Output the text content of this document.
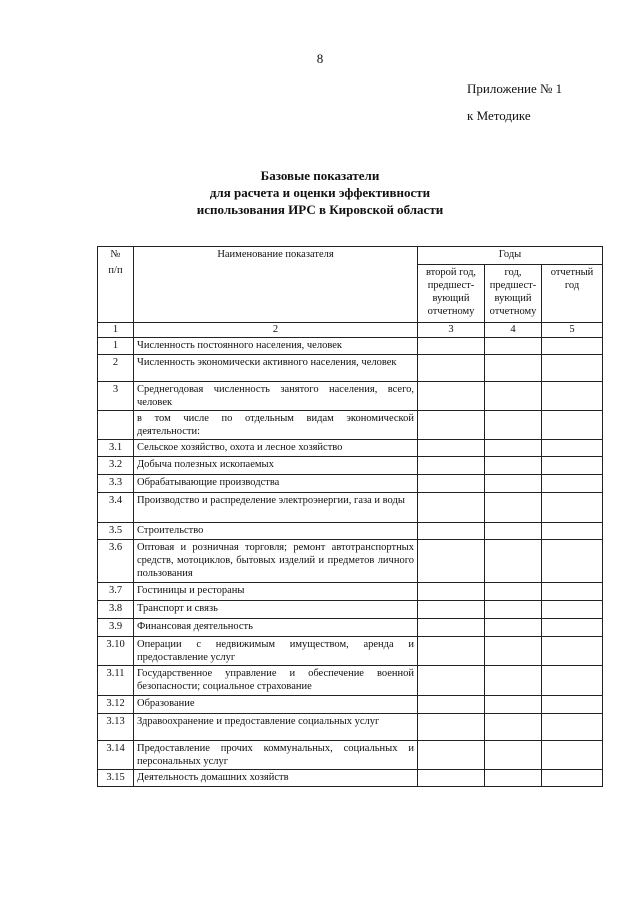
8
Приложение № 1
к Методике
Базовые показатели
для расчета и оценки эффективности
использования ИРС в Кировской области
№
п/п	Наименование показателя	Годы		
		второй год, предшест- вующий отчетному	год, предшест- вующий отчетному	отчетный год
1	2	3	4	5
1	Численность постоянного населения, человек			
2	Численность экономически активного населения, человек			
3	Среднегодовая численность занятого населения, всего, человек			
	в том числе по отдельным видам экономической деятельности:			
3.1	Сельское хозяйство, охота и лесное хозяйство			
3.2	Добыча полезных ископаемых			
3.3	Обрабатывающие производства			
3.4	Производство и распределение электроэнергии, газа и воды			
3.5	Строительство			
3.6	Оптовая и розничная торговля; ремонт автотранспортных средств, мотоциклов, бытовых изделий и предметов личного пользования			
3.7	Гостиницы и рестораны			
3.8	Транспорт и связь			
3.9	Финансовая деятельность			
3.10	Операции с недвижимым имуществом, аренда и предоставление услуг			
3.11	Государственное управление и обеспечение военной безопасности; социальное страхование			
3.12	Образование			
3.13	Здравоохранение и предоставление социальных услуг			
3.14	Предоставление прочих коммунальных, социальных и персональных услуг			
3.15	Деятельность домашних хозяйств			
